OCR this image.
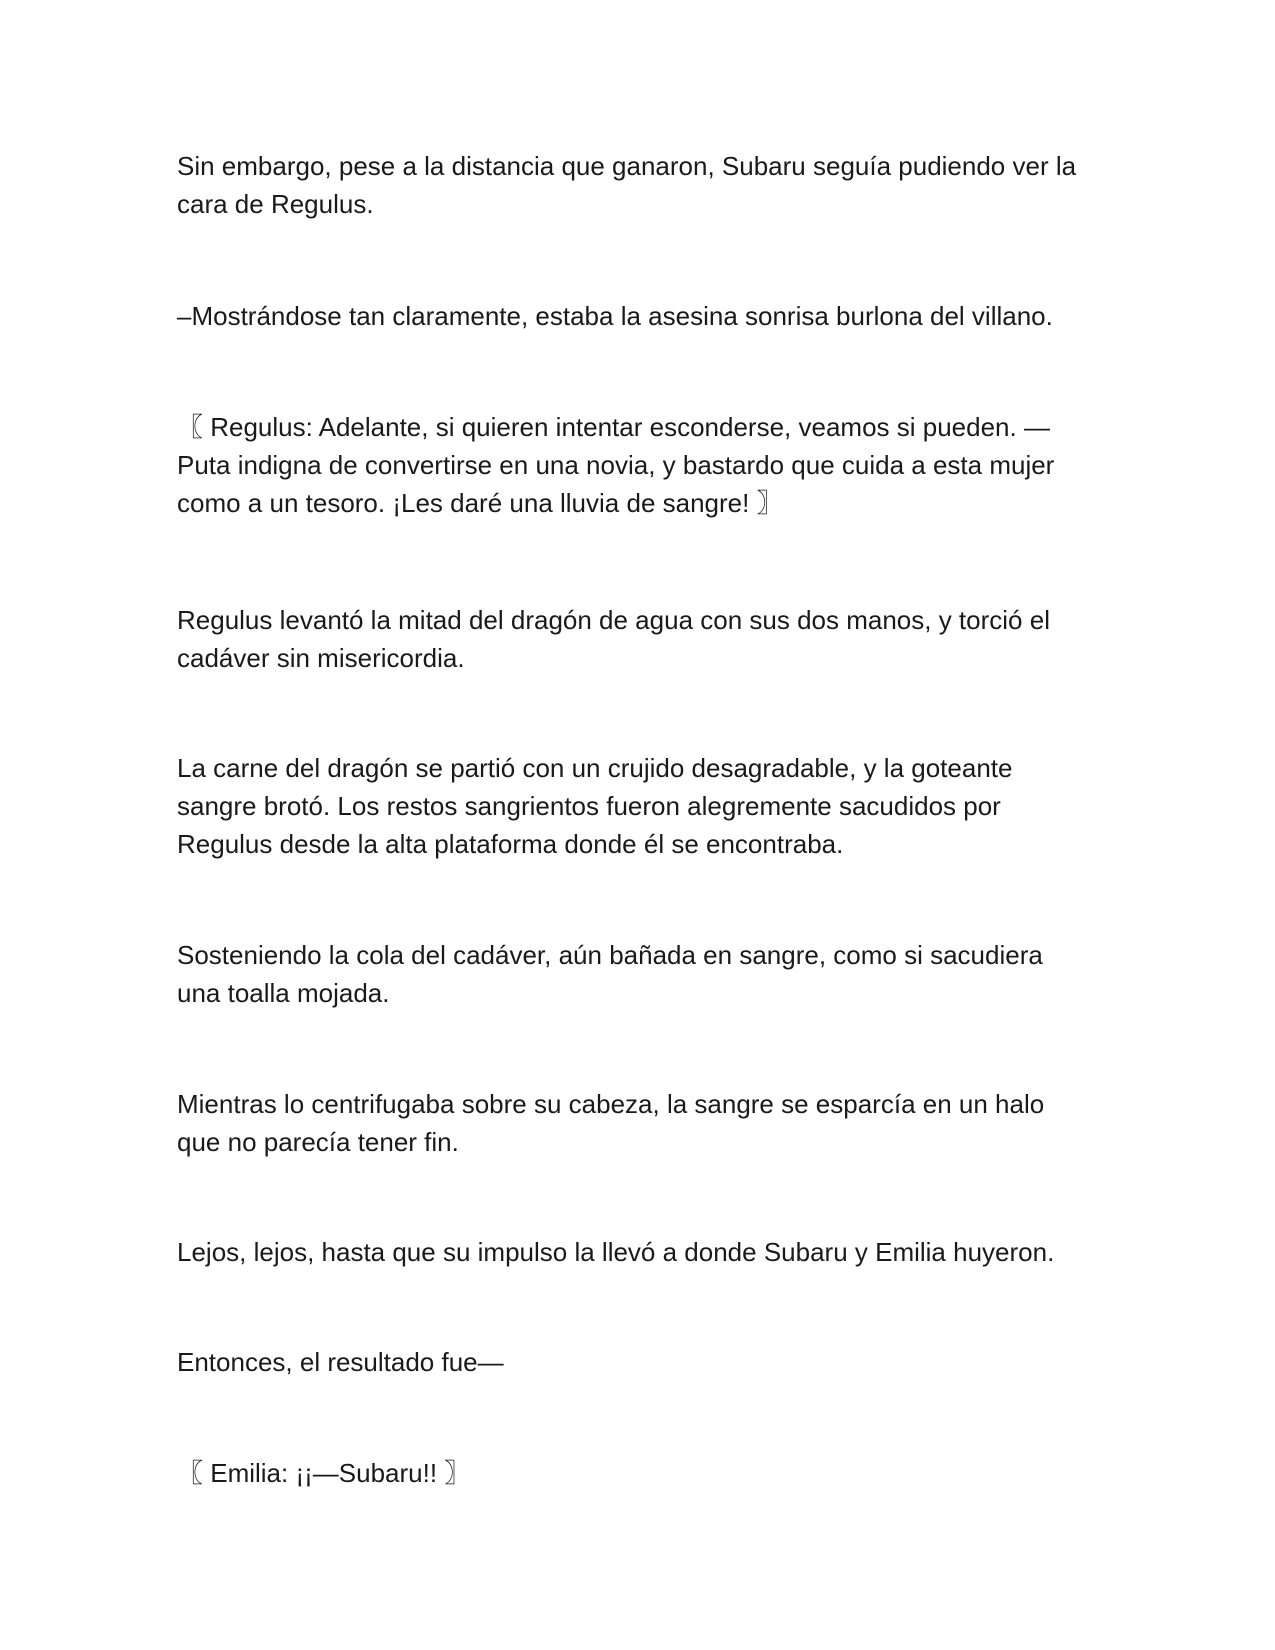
Sin embargo, pese a la distancia que ganaron, Subaru seguía pudiendo ver la
cara de Regulus.

–Mostrándose tan claramente, estaba la asesina sonrisa burlona del villano.

〖 Regulus: Adelante, si quieren intentar esconderse, veamos si pueden. —
Puta indigna de convertirse en una novia, y bastardo que cuida a esta mujer
como a un tesoro. ¡Les daré una lluvia de sangre! 〗

Regulus levantó la mitad del dragón de agua con sus dos manos, y torció el
cadáver sin misericordia.

La carne del dragón se partió con un crujido desagradable, y la goteante
sangre brotó. Los restos sangrientos fueron alegremente sacudidos por
Regulus desde la alta plataforma donde él se encontraba.

Sosteniendo la cola del cadáver, aún bañada en sangre, como si sacudiera
una toalla mojada.

Mientras lo centrifugaba sobre su cabeza, la sangre se esparcía en un halo
que no parecía tener fin.

Lejos, lejos, hasta que su impulso la llevó a donde Subaru y Emilia huyeron.

Entonces, el resultado fue—

〖 Emilia: ¡¡—Subaru!! 〗
